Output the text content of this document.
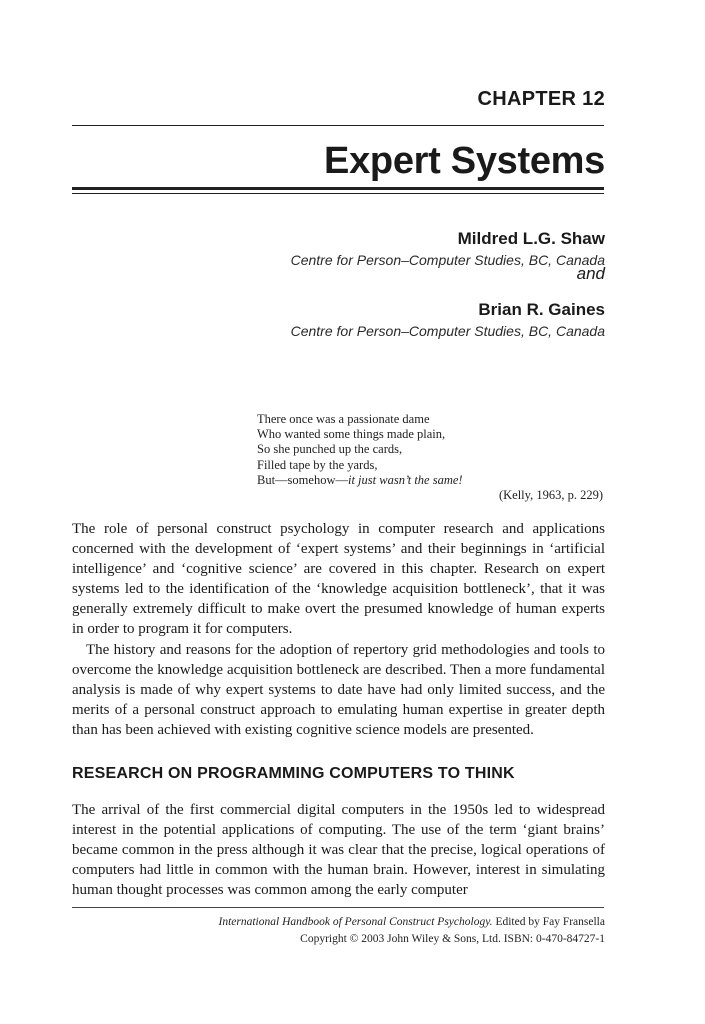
CHAPTER 12
Expert Systems
Mildred L.G. Shaw
Centre for Person–Computer Studies, BC, Canada
and
Brian R. Gaines
Centre for Person–Computer Studies, BC, Canada
There once was a passionate dame
Who wanted some things made plain,
So she punched up the cards,
Filled tape by the yards,
But—somehow—it just wasn’t the same!
(Kelly, 1963, p. 229)

The role of personal construct psychology in computer research and applications concerned with the development of ‘expert systems’ and their beginnings in ‘artificial intelligence’ and ‘cognitive science’ are covered in this chapter. Research on expert systems led to the identification of the ‘knowledge acquisition bottleneck’, that it was generally extremely difficult to make overt the presumed knowledge of human experts in order to program it for computers.

The history and reasons for the adoption of repertory grid methodologies and tools to overcome the knowledge acquisition bottleneck are described. Then a more fundamental analysis is made of why expert systems to date have had only limited success, and the merits of a personal construct approach to emulating human expertise in greater depth than has been achieved with existing cognitive science models are presented.

RESEARCH ON PROGRAMMING COMPUTERS TO THINK

The arrival of the first commercial digital computers in the 1950s led to widespread interest in the potential applications of computing. The use of the term ‘giant brains’ became common in the press although it was clear that the precise, logical operations of computers had little in common with the human brain. However, interest in simulating human thought processes was common among the early computer

International Handbook of Personal Construct Psychology. Edited by Fay Fransella
Copyright © 2003 John Wiley & Sons, Ltd. ISBN: 0-470-84727-1
